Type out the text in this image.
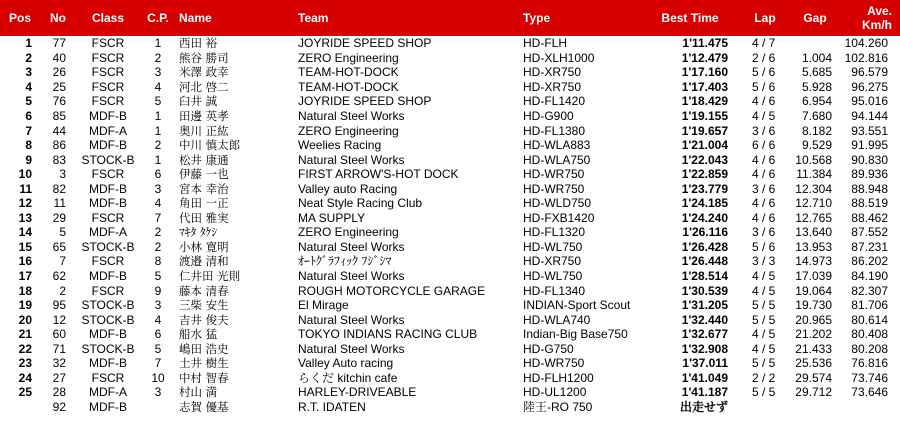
Pos	No	Class	C.P.	Name	Team	Type	Best Time	Lap	Gap	Ave.
Km/h
1	77	FSCR	1	西田 裕	JOYRIDE SPEED SHOP	HD-FLH	1'11.475	4 / 7		104.260
2	40	FSCR	2	熊谷 勝司	ZERO Engineering	HD-XLH1000	1'12.479	2 / 6	1.004	102.816
3	26	FSCR	3	米澤 政幸	TEAM-HOT-DOCK	HD-XR750	1'17.160	5 / 6	5.685	96.579
4	25	FSCR	4	河北 啓二	TEAM-HOT-DOCK	HD-XR750	1'17.403	5 / 6	5.928	96.275
5	76	FSCR	5	臼井 誠	JOYRIDE SPEED SHOP	HD-FL1420	1'18.429	4 / 6	6.954	95.016
6	85	MDF-B	1	田邊 英孝	Natural Steel Works	HD-G900	1'19.155	4 / 5	7.680	94.144
7	44	MDF-A	1	奥川 正紘	ZERO Engineering	HD-FL1380	1'19.657	3 / 6	8.182	93.551
8	86	MDF-B	2	中川 慎太郎	Weelies Racing	HD-WLA883	1'21.004	6 / 6	9.529	91.995
9	83	STOCK-B	1	松井 康通	Natural Steel Works	HD-WLA750	1'22.043	4 / 6	10.568	90.830
10	3	FSCR	6	伊藤 一也	FIRST ARROW'S-HOT DOCK	HD-WR750	1'22.859	4 / 6	11.384	89.936
11	82	MDF-B	3	宮本 幸治	Valley auto Racing	HD-WR750	1'23.779	3 / 6	12.304	88.948
12	11	MDF-B	4	角田 一正	Neat Style Racing Club	HD-WLD750	1'24.185	4 / 6	12.710	88.519
13	29	FSCR	7	代田 雅実	MA SUPPLY	HD-FXB1420	1'24.240	4 / 6	12.765	88.462
14	5	MDF-A	2	ﾏｷﾀ ﾀｹｼ	ZERO Engineering	HD-FL1320	1'26.116	3 / 6	13.640	87.552
15	65	STOCK-B	2	小林 寛明	Natural Steel Works	HD-WL750	1'26.428	5 / 6	13.953	87.231
16	7	FSCR	8	渡邉 清和	ｵｰﾄｸﾞﾗﾌｨｯｸ ﾌｼﾞｼﾏ	HD-XR750	1'26.448	3 / 3	14.973	86.202
17	62	MDF-B	5	仁井田 光則	Natural Steel Works	HD-WL750	1'28.514	4 / 5	17.039	84.190
18	2	FSCR	9	藤本 清春	ROUGH MOTORCYCLE GARAGE	HD-FL1340	1'30.539	4 / 5	19.064	82.307
19	95	STOCK-B	3	三柴 安生	El Mirage	INDIAN-Sport Scout	1'31.205	5 / 5	19.730	81.706
20	12	STOCK-B	4	吉井 俊夫	Natural Steel Works	HD-WLA740	1'32.440	5 / 5	20.965	80.614
21	60	MDF-B	6	船水 猛	TOKYO INDIANS RACING CLUB	Indian-Big Base750	1'32.677	4 / 5	21.202	80.408
22	71	STOCK-B	5	嶋田 浩史	Natural Steel Works	HD-G750	1'32.908	4 / 5	21.433	80.208
23	32	MDF-B	7	土井 樹生	Valley Auto racing	HD-WR750	1'37.011	5 / 5	25.536	76.816
24	27	FSCR	10	中村 智春	らくだ kitchin cafe	HD-FLH1200	1'41.049	2 / 2	29.574	73.746
25	28	MDF-A	3	村山 満	HARLEY-DRIVEABLE	HD-UL1200	1'41.187	5 / 5	29.712	73.646
	92	MDF-B		志賀 優基	R.T. IDATEN	陸王-RO 750	出走せず			
